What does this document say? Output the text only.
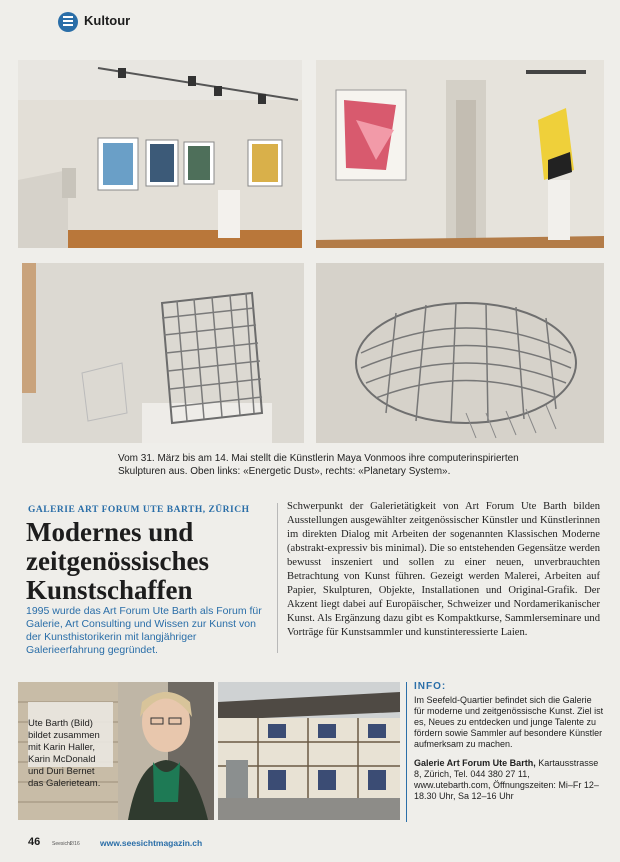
Kultour
Vom 31. März bis am 14. Mai stellt die Künstlerin Maya Vonmoos ihre computerinspirierten Skulpturen aus. Oben links: «Energetic Dust», rechts: «Planetary System».
GALERIE ART FORUM UTE BARTH, ZÜRICH
Modernes und
zeitgenössisches
Kunstschaffen
1995 wurde das Art Forum Ute Barth als Forum für Galerie, Art Consulting und Wissen zur Kunst von der Kunsthistorikerin mit langjähriger Galerieerfahrung gegründet.
Schwerpunkt der Galerietätigkeit von Art Forum Ute Barth bilden Ausstellungen ausgewählter zeitgenössischer Künstler und Künstlerinnen im direkten Dialog mit Arbeiten der sogenannten Klassischen Moderne (abstrakt-expressiv bis minimal). Die so entstehenden Gegensätze werden bewusst inszeniert und sollen zu einer neuen, unverbrauchten Betrachtung von Kunst führen. Gezeigt werden Malerei, Arbeiten auf Papier, Skulpturen, Objekte, Installationen und Original-Grafik. Der Akzent liegt dabei auf Europäischer, Schweizer und Nordamerikanischer Kunst. Als Ergänzung dazu gibt es Kompaktkurse, Sammlerseminare und Vorträge für Kunstsammler und kunstinteressierte Laien.
Ute Barth (Bild) bildet zusammen mit Karin Haller, Karin McDonald und Duri Bernet das Galerieteam.
INFO:
Im Seefeld-Quartier befindet sich die Galerie für moderne und zeitgenössische Kunst. Ziel ist es, Neues zu entdecken und junge Talente zu fördern sowie Sammler auf besondere Künstler aufmerksam zu machen.
Galerie Art Forum Ute Barth, Kartausstrasse 8, Zürich, Tel. 044 380 27 11, www.utebarth.com, Öffnungszeiten: Mi–Fr 12–18.30 Uhr, Sa 12–16 Uhr
46 Seesicht
2/16 www.seesichtmagazin.ch
